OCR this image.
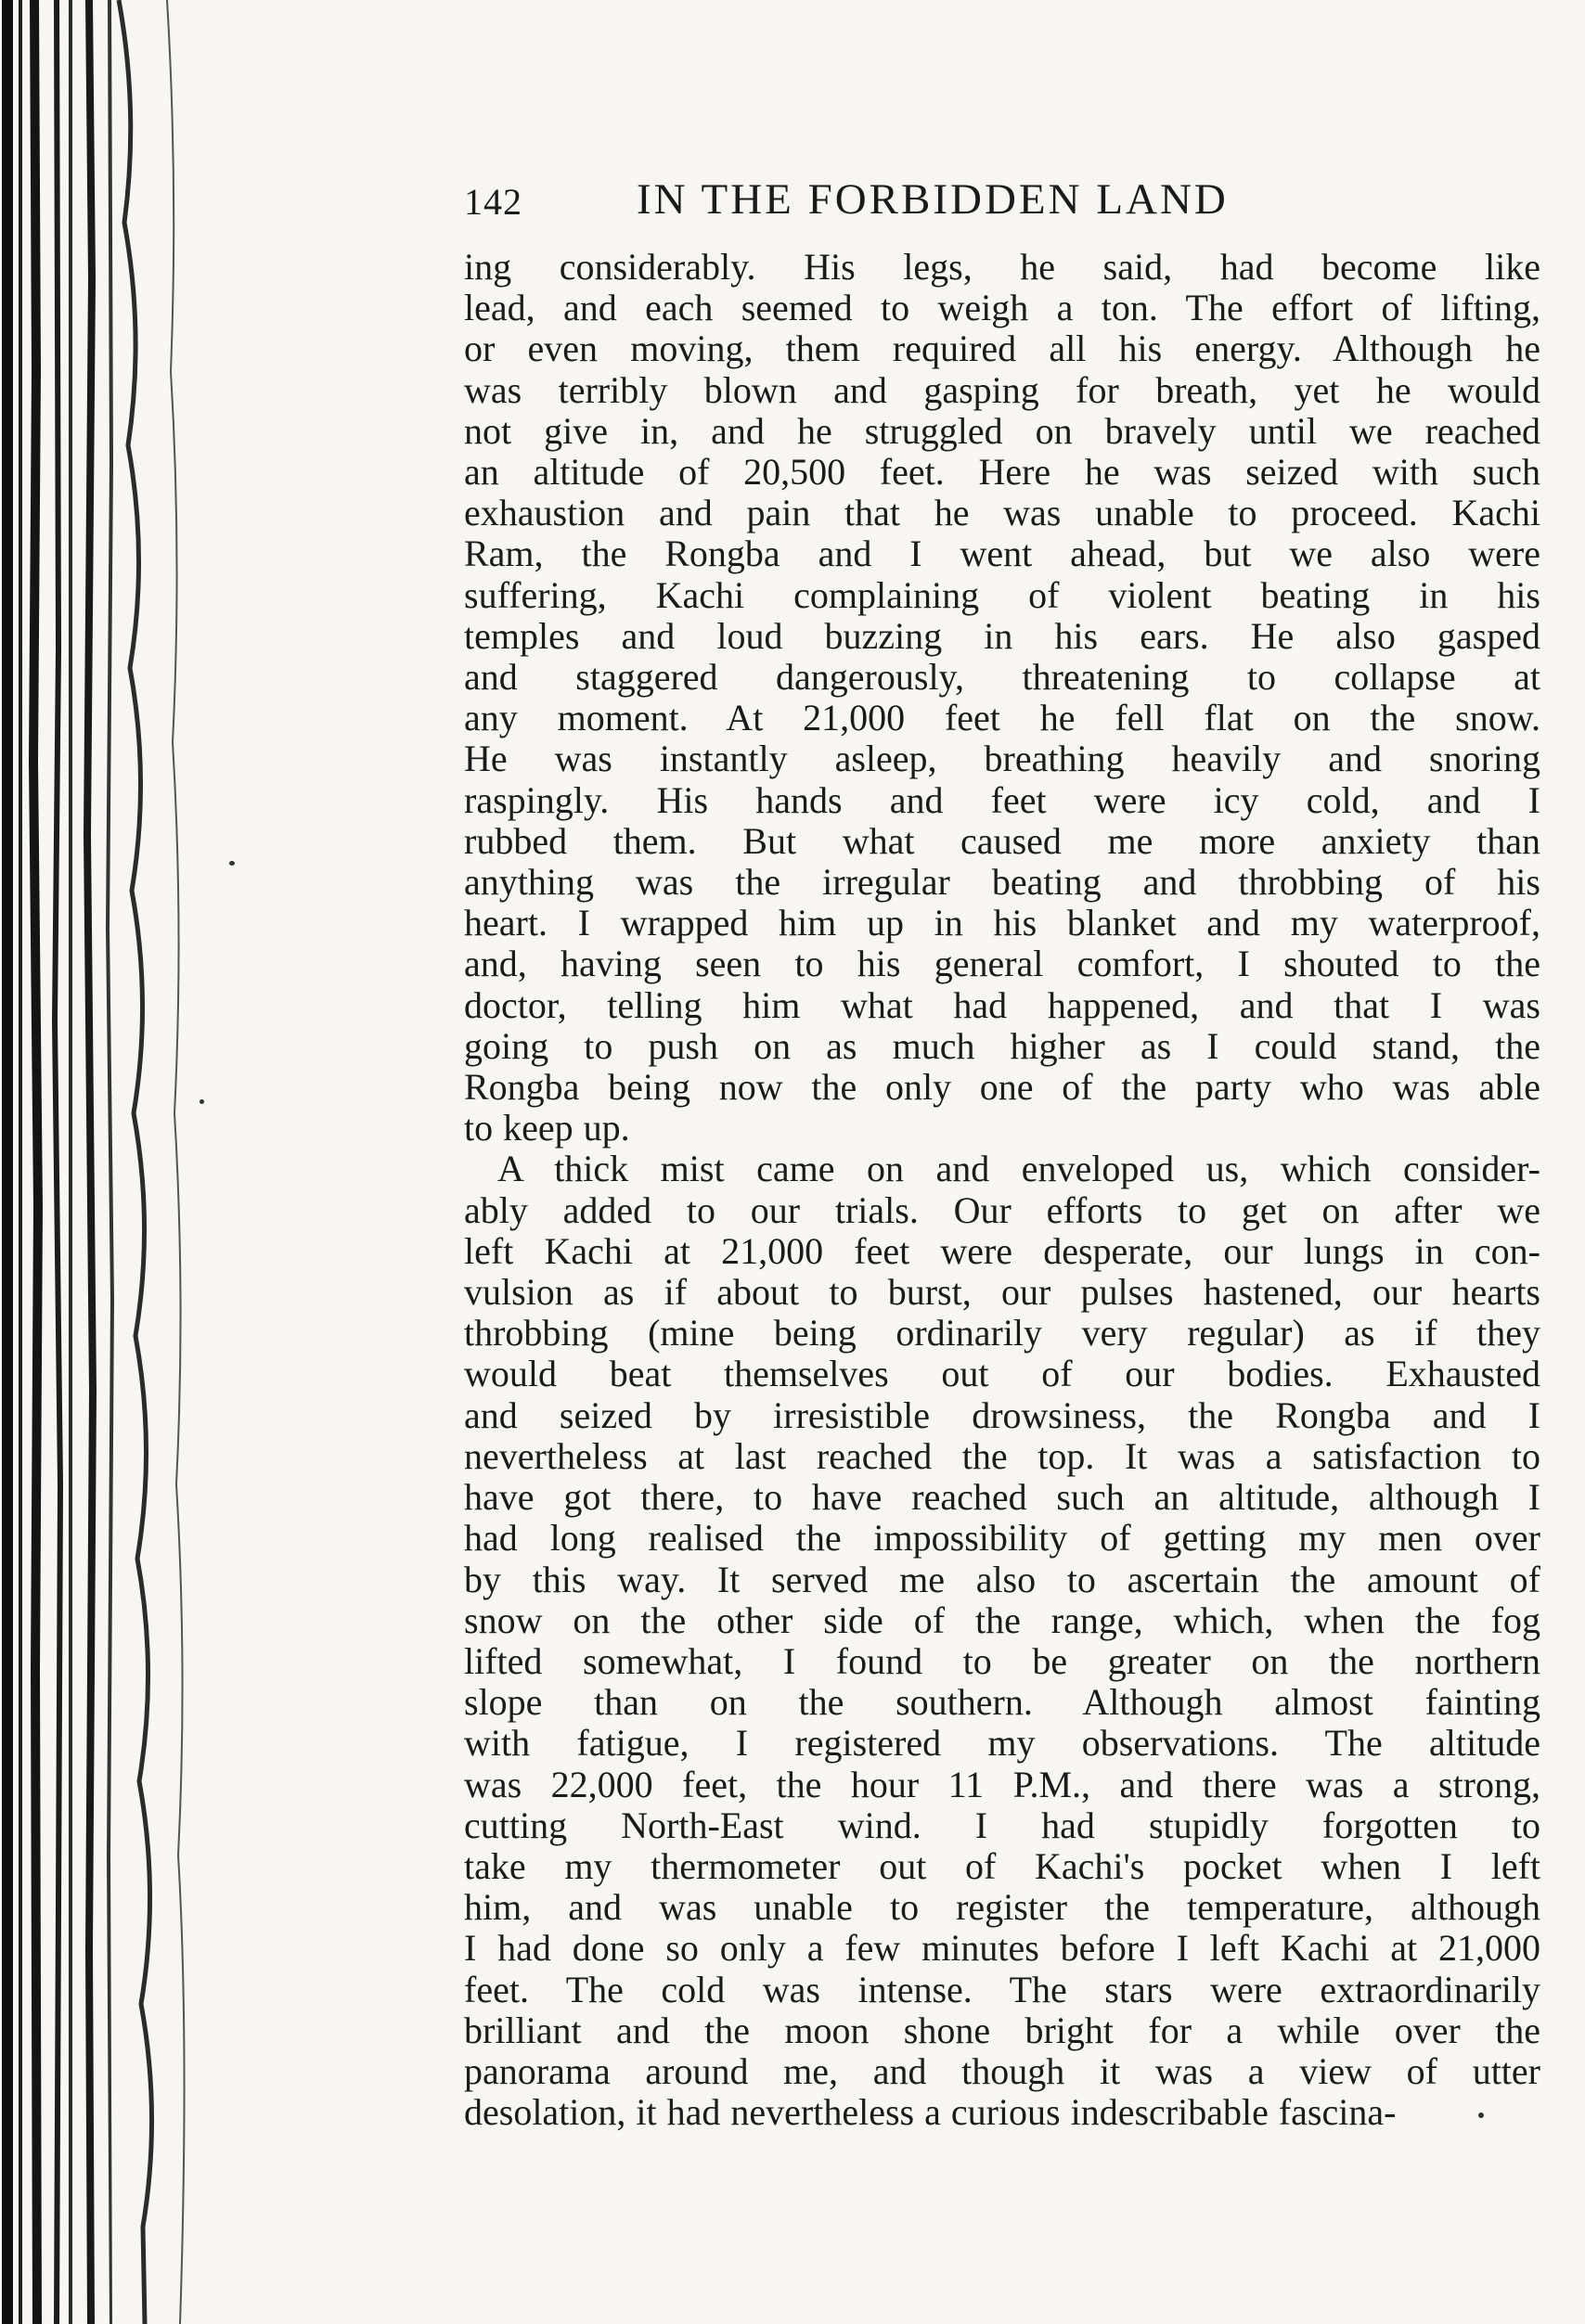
142	IN THE FORBIDDEN LAND
ing considerably. His legs, he said, had become like
lead, and each seemed to weigh a ton. The effort of lifting,
or even moving, them required all his energy. Although he
was terribly blown and gasping for breath, yet he would
not give in, and he struggled on bravely until we reached
an altitude of 20,500 feet. Here he was seized with such
exhaustion and pain that he was unable to proceed. Kachi
Ram, the Rongba and I went ahead, but we also were
suffering, Kachi complaining of violent beating in his
temples and loud buzzing in his ears. He also gasped
and staggered dangerously, threatening to collapse at
any moment. At 21,000 feet he fell flat on the snow.
He was instantly asleep, breathing heavily and snoring
raspingly. His hands and feet were icy cold, and I
rubbed them. But what caused me more anxiety than
anything was the irregular beating and throbbing of his
heart. I wrapped him up in his blanket and my waterproof,
and, having seen to his general comfort, I shouted to the
doctor, telling him what had happened, and that I was
going to push on as much higher as I could stand, the
Rongba being now the only one of the party who was able
to keep up.
A thick mist came on and enveloped us, which consider-
ably added to our trials. Our efforts to get on after we
left Kachi at 21,000 feet were desperate, our lungs in con-
vulsion as if about to burst, our pulses hastened, our hearts
throbbing (mine being ordinarily very regular) as if they
would beat themselves out of our bodies. Exhausted
and seized by irresistible drowsiness, the Rongba and I
nevertheless at last reached the top. It was a satisfaction to
have got there, to have reached such an altitude, although I
had long realised the impossibility of getting my men over
by this way. It served me also to ascertain the amount of
snow on the other side of the range, which, when the fog
lifted somewhat, I found to be greater on the northern
slope than on the southern. Although almost fainting
with fatigue, I registered my observations. The altitude
was 22,000 feet, the hour 11 P.M., and there was a strong,
cutting North-East wind. I had stupidly forgotten to
take my thermometer out of Kachi's pocket when I left
him, and was unable to register the temperature, although
I had done so only a few minutes before I left Kachi at 21,000
feet. The cold was intense. The stars were extraordinarily
brilliant and the moon shone bright for a while over the
panorama around me, and though it was a view of utter
desolation, it had nevertheless a curious indescribable fascina-
